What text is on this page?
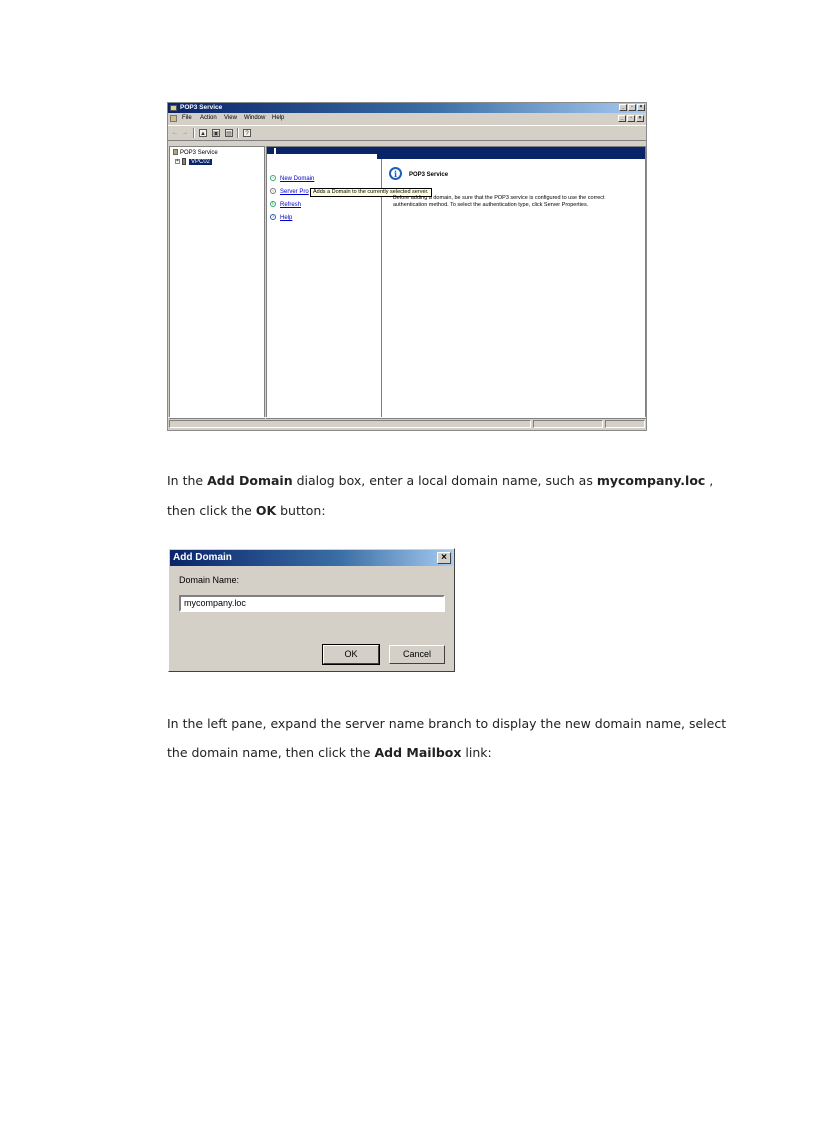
POP3 Service	_	▫	×
File Action View Window Help	_	▫	×
← → ▲ ▣ ▤	?
POP3 Service
+ VPC02
+ New Domain
• Server Pro
↻ Refresh
? Help
Adds a Domain to the currently selected server.
i	POP3 Service
Before adding a domain, be sure that the POP3 service is configured to use the correct
authentication method. To select the authentication type, click Server Properties.
In the Add Domain dialog box, enter a local domain name, such as mycompany.loc ,
then click the OK button:
Add Domain	×
Domain Name:
mycompany.loc
OK	Cancel
In the left pane, expand the server name branch to display the new domain name, select
the domain name, then click the Add Mailbox link:
